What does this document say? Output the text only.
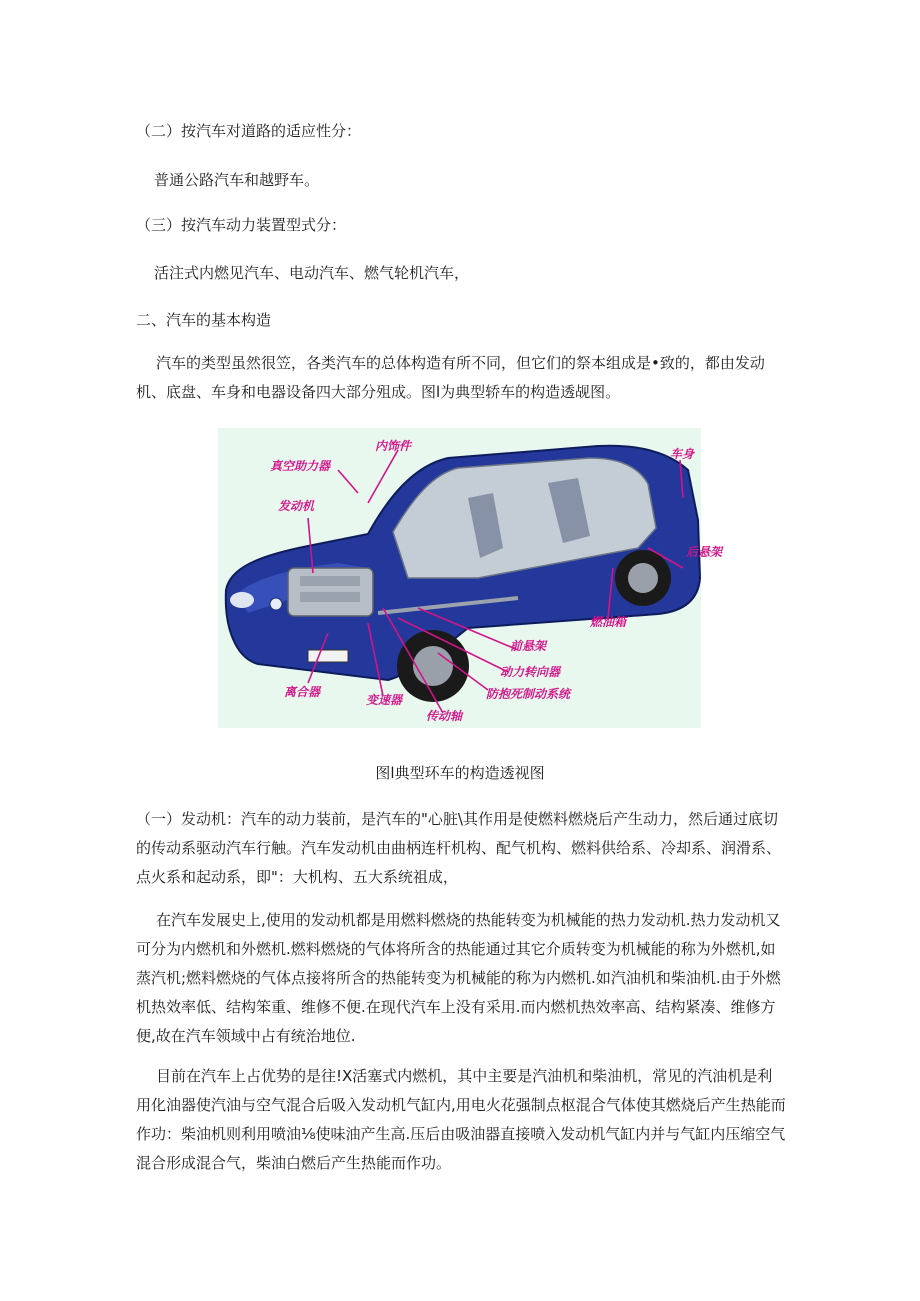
（二）按汽车对道路的适应性分：
普通公路汽车和越野车。
（三）按汽车动力装置型式分：
活注式内燃见汽车、电动汽车、燃气轮机汽车，
二、汽车的基本构造
汽车的类型虽然很笠，各类汽车的总体构造有所不同，但它们的祭本组成是•致的，都由发动机、底盘、车身和电器设备四大部分殂成。图l为典型轿车的构造透觇图。
内饰件
车身
真空助力器
发动机
后悬架
燃油箱
前悬架
动力转向器
防抱死制动系统
离合器
变速器
传动轴
图l典型环车的构造透视图
（一）发动机：汽车的动力装前，是汽车的"心脏\其作用是使燃料燃烧后产生动力，然后通过底切的传动系驱动汽车行触。汽车发动机由曲柄连杆机构、配气机构、燃料供给系、冷却系、润滑系、点火系和起动系，即"：大机构、五大系统祖成，
在汽车发展史上,使用的发动机都是用燃料燃烧的热能转变为机械能的热力发动机.热力发动机又可分为内燃机和外燃机.燃料燃烧的气体将所含的热能通过其它介质转变为机械能的称为外燃机,如蒸汽机;燃料燃烧的气体点接将所含的热能转变为机械能的称为内燃机.如汽油机和柴油机.由于外燃机热效率低、结构笨重、维修不便.在现代汽车上没有采用.而内燃机热效率高、结构紧凑、维修方便,故在汽车领域中占有统治地位.
目前在汽车上占优势的是往!X活塞式内燃机，其中主要是汽油机和柴油机，常见的汽油机是利用化油器使汽油与空气混合后吸入发动机气缸内,用电火花强制点枢混合气体使其燃烧后产生热能而作功：柴油机则利用喷油⅛使味油产生高.压后由吸油器直接喷入发动机气缸内并与气缸内压缩空气混合形成混合气，柴油白燃后产生热能而作功。
